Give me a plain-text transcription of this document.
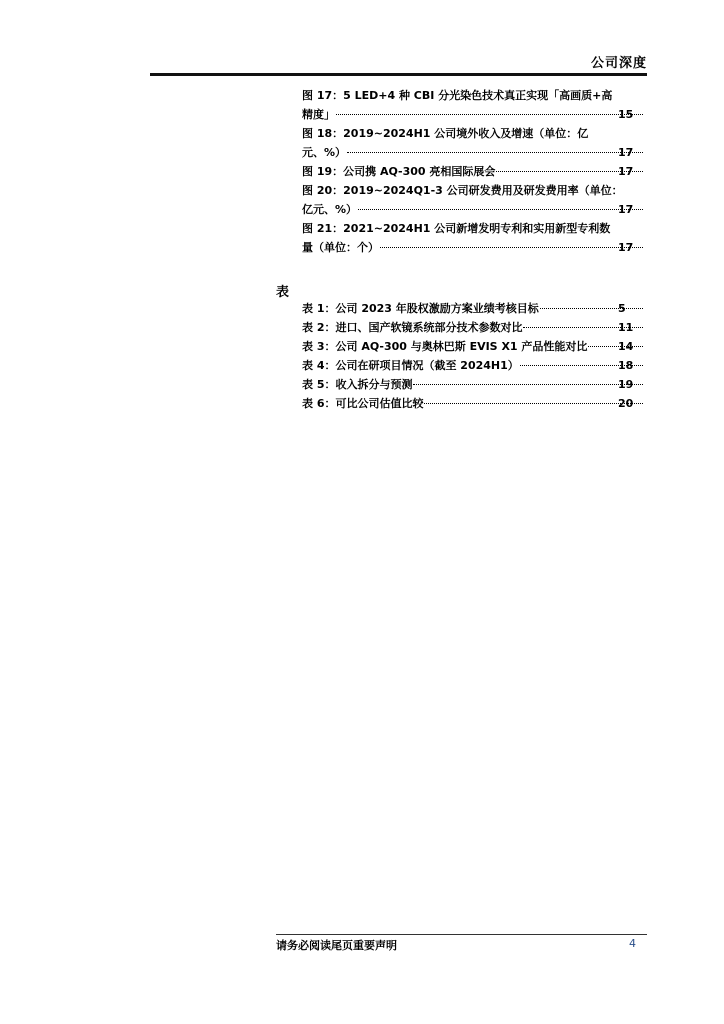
公司深度
图 17：5 LED+4 种 CBI 分光染色技术真正实现「高画质+高
精度」	15
图 18：2019~2024H1 公司境外收入及增速（单位：亿
元、%）	17
图 19：公司携 AQ-300 亮相国际展会	17
图 20：2019~2024Q1-3 公司研发费用及研发费用率（单位：
亿元、%）	17
图 21：2021~2024H1 公司新增发明专利和实用新型专利数
量（单位：个）	17
表
表 1：公司 2023 年股权激励方案业绩考核目标	5
表 2：进口、国产软镜系统部分技术参数对比	11
表 3：公司 AQ-300 与奥林巴斯 EVIS X1 产品性能对比	14
表 4：公司在研项目情况（截至 2024H1）	18
表 5：收入拆分与预测	19
表 6：可比公司估值比较	20
请务必阅读尾页重要声明	4
